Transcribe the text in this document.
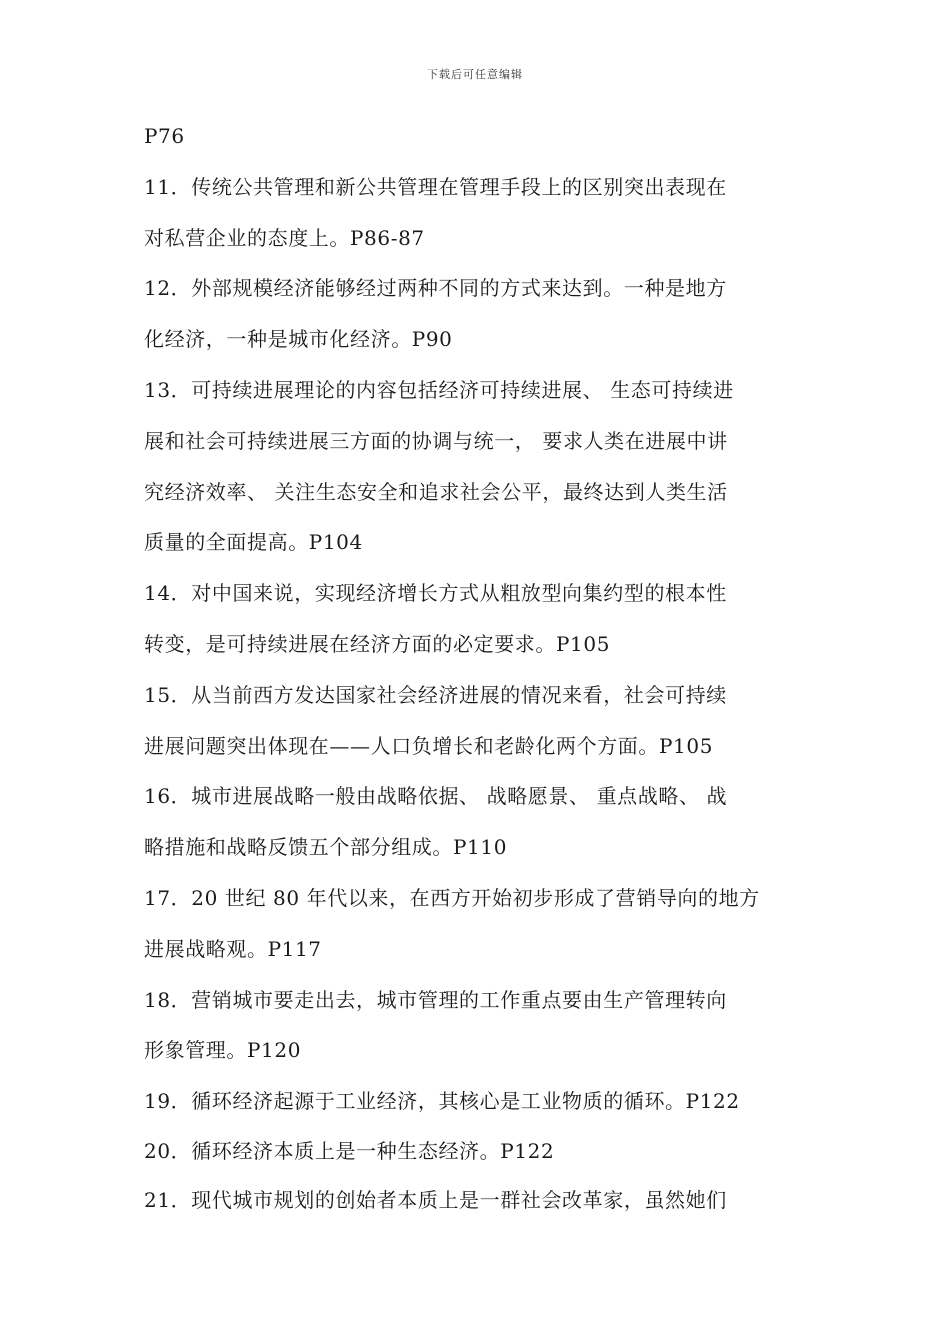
下载后可任意编辑
P76
11．传统公共管理和新公共管理在管理手段上的区别突出表现在
对私营企业的态度上。P86-87
12．外部规模经济能够经过两种不同的方式来达到。一种是地方
化经济，一种是城市化经济。P90
13．可持续进展理论的内容包括经济可持续进展、 生态可持续进
展和社会可持续进展三方面的协调与统一， 要求人类在进展中讲
究经济效率、 关注生态安全和追求社会公平，最终达到人类生活
质量的全面提高。P104
14．对中国来说，实现经济增长方式从粗放型向集约型的根本性
转变，是可持续进展在经济方面的必定要求。P105
15．从当前西方发达国家社会经济进展的情况来看，社会可持续
进展问题突出体现在——人口负增长和老龄化两个方面。P105
16．城市进展战略一般由战略依据、 战略愿景、 重点战略、 战
略措施和战略反馈五个部分组成。P110
17．20 世纪 80 年代以来，在西方开始初步形成了营销导向的地方
进展战略观。P117
18．营销城市要走出去，城市管理的工作重点要由生产管理转向
形象管理。P120
19．循环经济起源于工业经济，其核心是工业物质的循环。P122
20．循环经济本质上是一种生态经济。P122
21．现代城市规划的创始者本质上是一群社会改革家，虽然她们
